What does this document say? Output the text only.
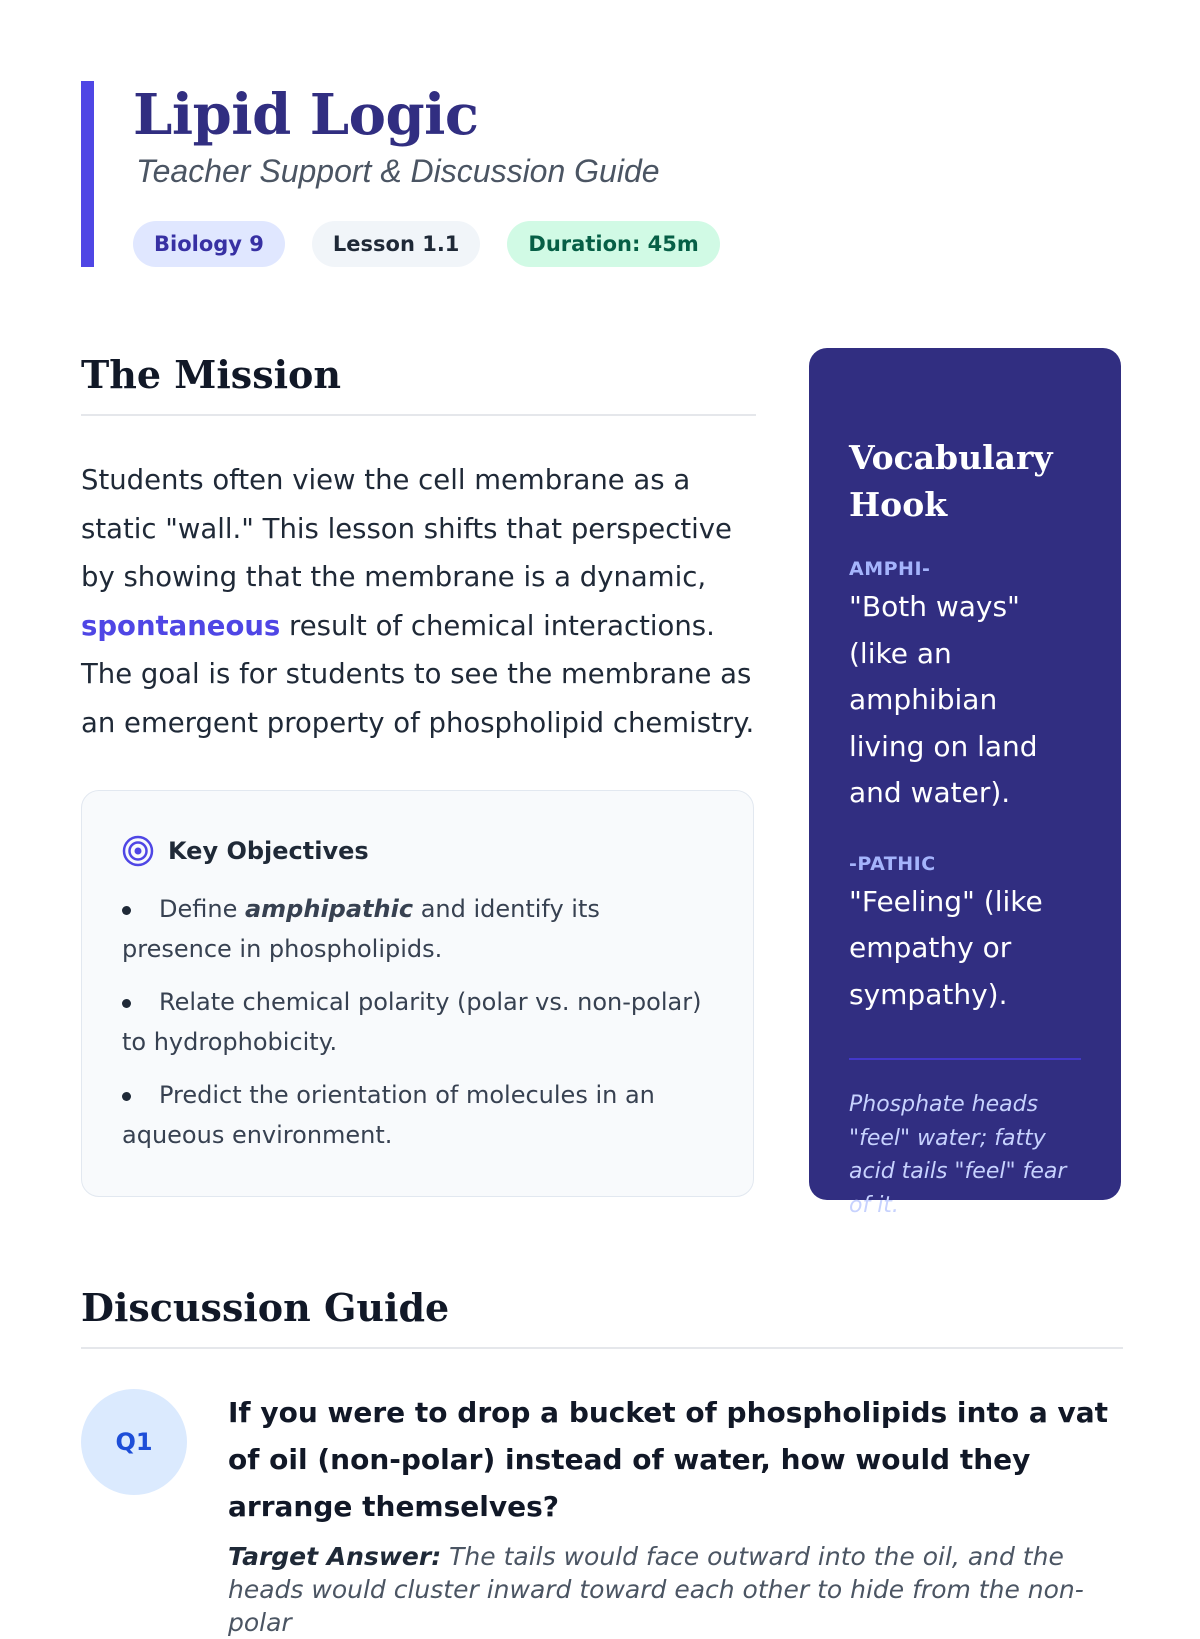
Lipid Logic

Teacher Support & Discussion Guide

Biology 9	Lesson 1.1	Duration: 45m
The Mission

Students often view the cell membrane as a static "wall." This lesson shifts that perspective by showing that the membrane is a dynamic, spontaneous result of chemical interactions. The goal is for students to see the membrane as an emergent property of phospholipid chemistry.

Key Objectives
Define amphipathic and identify its presence in phospholipids.
Relate chemical polarity (polar vs. non-polar) to hydrophobicity.
Predict the orientation of molecules in an aqueous environment.
Vocabulary Hook
AMPHI-
"Both ways" (like an amphibian living on land and water).
-PATHIC
"Feeling" (like empathy or sympathy).
Phosphate heads "feel" water; fatty acid tails "feel" fear of it.
Discussion Guide
Q1

If you were to drop a bucket of phospholipids into a vat of oil (non-polar) instead of water, how would they arrange themselves?

Target Answer: The tails would face outward into the oil, and the heads would cluster inward toward each other to hide from the non-polar
